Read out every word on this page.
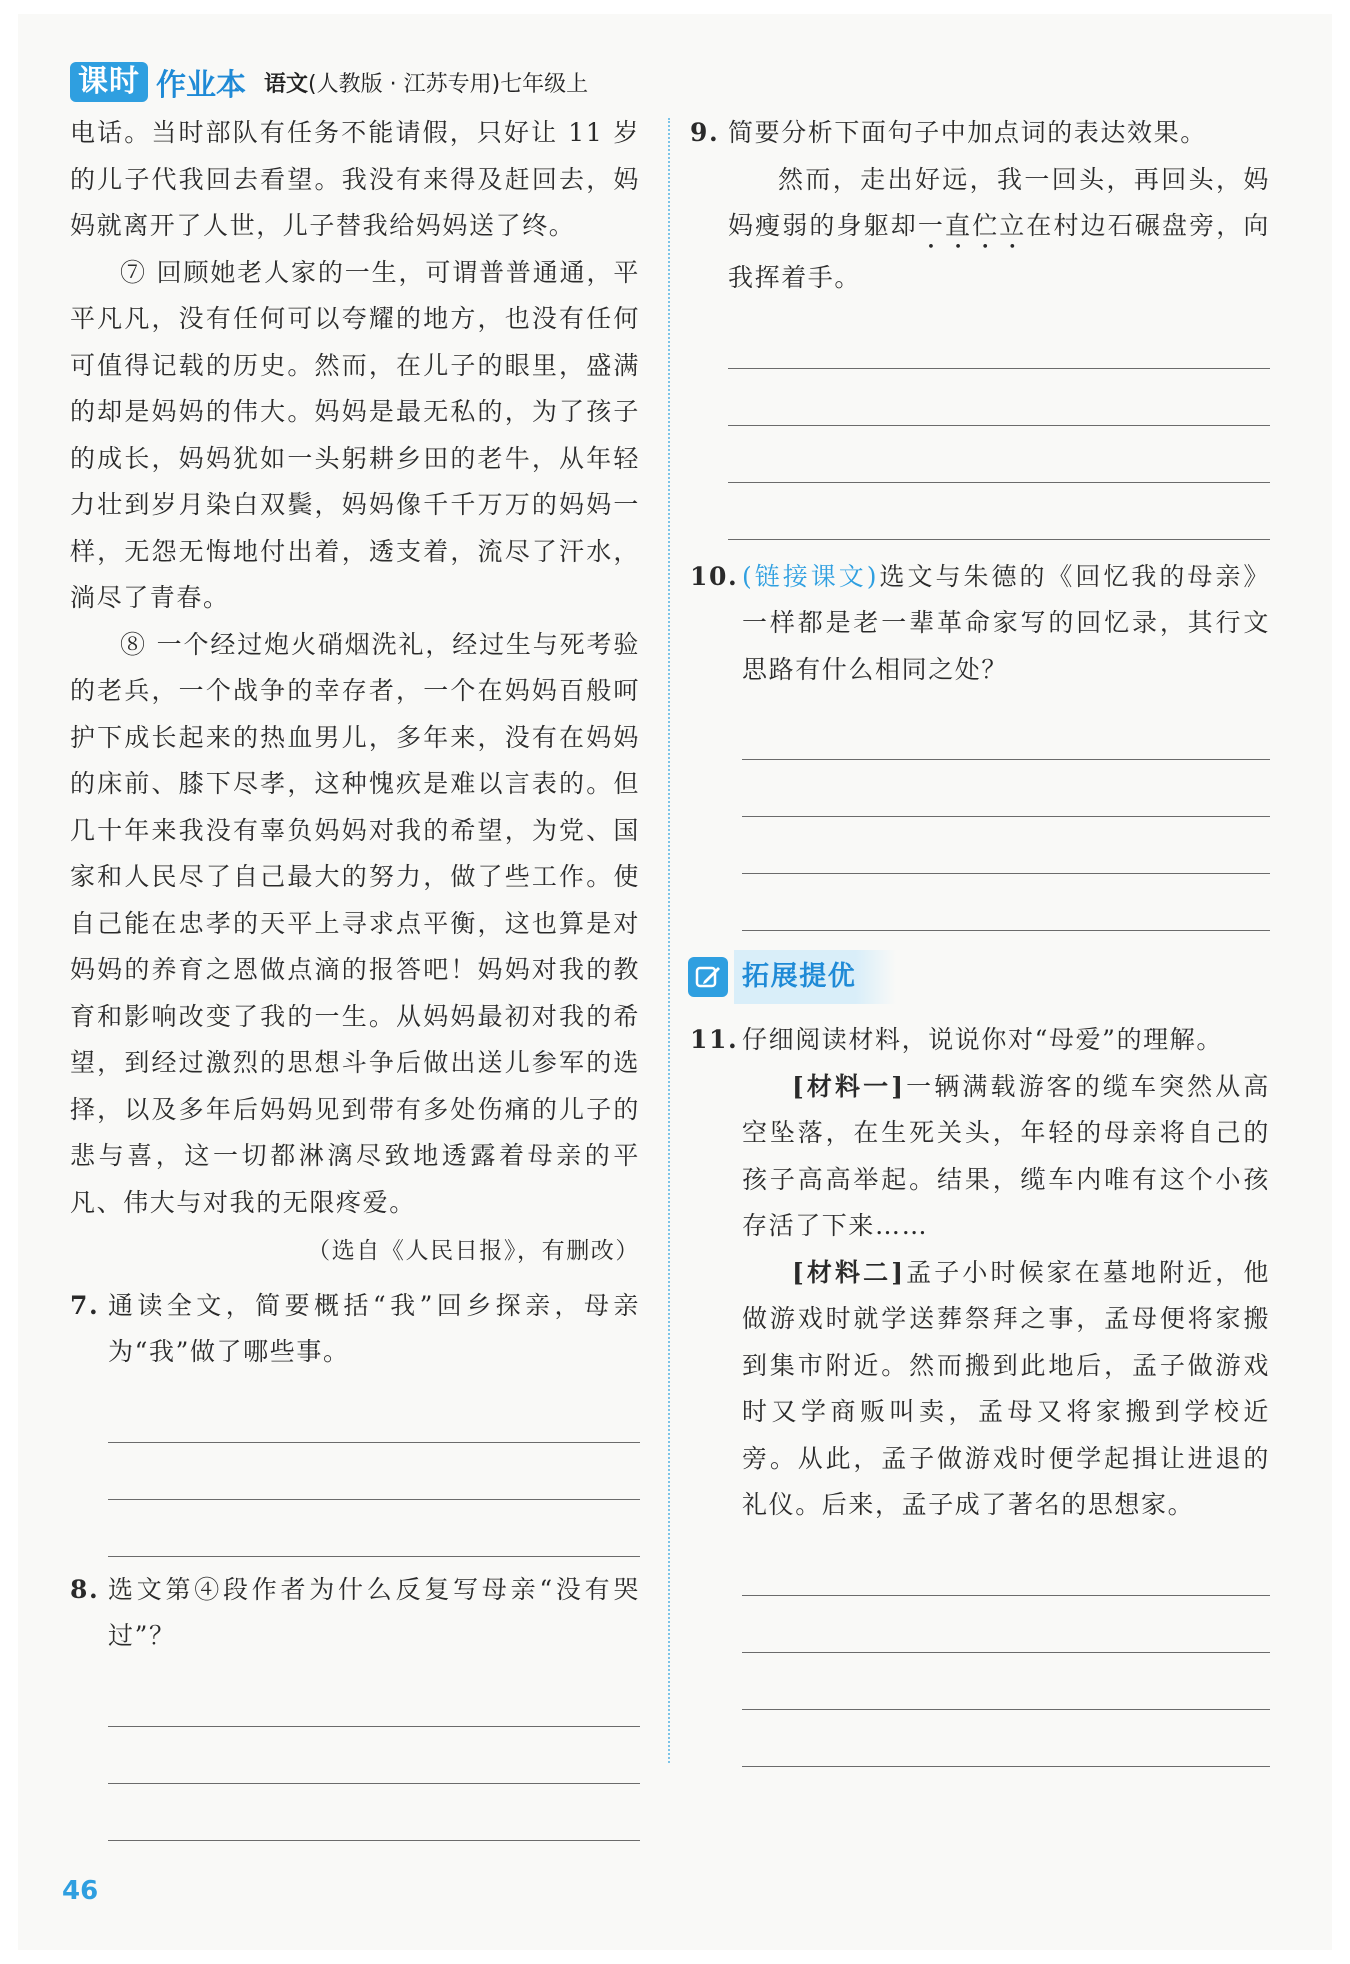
课时 作业本 语文(人教版 · 江苏专用)七年级上

电话。当时部队有任务不能请假，只好让 11 岁的儿子代我回去看望。我没有来得及赶回去，妈妈就离开了人世，儿子替我给妈妈送了终。

⑦ 回顾她老人家的一生，可谓普普通通，平平凡凡，没有任何可以夸耀的地方，也没有任何可值得记载的历史。然而，在儿子的眼里，盛满的却是妈妈的伟大。妈妈是最无私的，为了孩子的成长，妈妈犹如一头躬耕乡田的老牛，从年轻力壮到岁月染白双鬓，妈妈像千千万万的妈妈一样，无怨无悔地付出着，透支着，流尽了汗水，淌尽了青春。

⑧ 一个经过炮火硝烟洗礼，经过生与死考验的老兵，一个战争的幸存者，一个在妈妈百般呵护下成长起来的热血男儿，多年来，没有在妈妈的床前、膝下尽孝，这种愧疚是难以言表的。但几十年来我没有辜负妈妈对我的希望，为党、国家和人民尽了自己最大的努力，做了些工作。使自己能在忠孝的天平上寻求点平衡，这也算是对妈妈的养育之恩做点滴的报答吧！妈妈对我的教育和影响改变了我的一生。从妈妈最初对我的希望，到经过激烈的思想斗争后做出送儿参军的选择，以及多年后妈妈见到带有多处伤痛的儿子的悲与喜，这一切都淋漓尽致地透露着母亲的平凡、伟大与对我的无限疼爱。

（选自《人民日报》，有删改）
7. 通读全文，简要概括“我”回乡探亲，母亲为“我”做了哪些事。
8. 选文第④段作者为什么反复写母亲“没有哭过”？
9. 简要分析下面句子中加点词的表达效果。
然而，走出好远，我一回头，再回头，妈妈瘦弱的身躯却一直伫立在村边石碾盘旁，向我挥着手。
10. (链接课文)选文与朱德的《回忆我的母亲》一样都是老一辈革命家写的回忆录，其行文思路有什么相同之处？
拓展提优
11. 仔细阅读材料，说说你对“母爱”的理解。
[材料一]一辆满载游客的缆车突然从高空坠落，在生死关头，年轻的母亲将自己的孩子高高举起。结果，缆车内唯有这个小孩存活了下来……
[材料二]孟子小时候家在墓地附近，他做游戏时就学送葬祭拜之事，孟母便将家搬到集市附近。然而搬到此地后，孟子做游戏时又学商贩叫卖，孟母又将家搬到学校近旁。从此，孟子做游戏时便学起揖让进退的礼仪。后来，孟子成了著名的思想家。
46
